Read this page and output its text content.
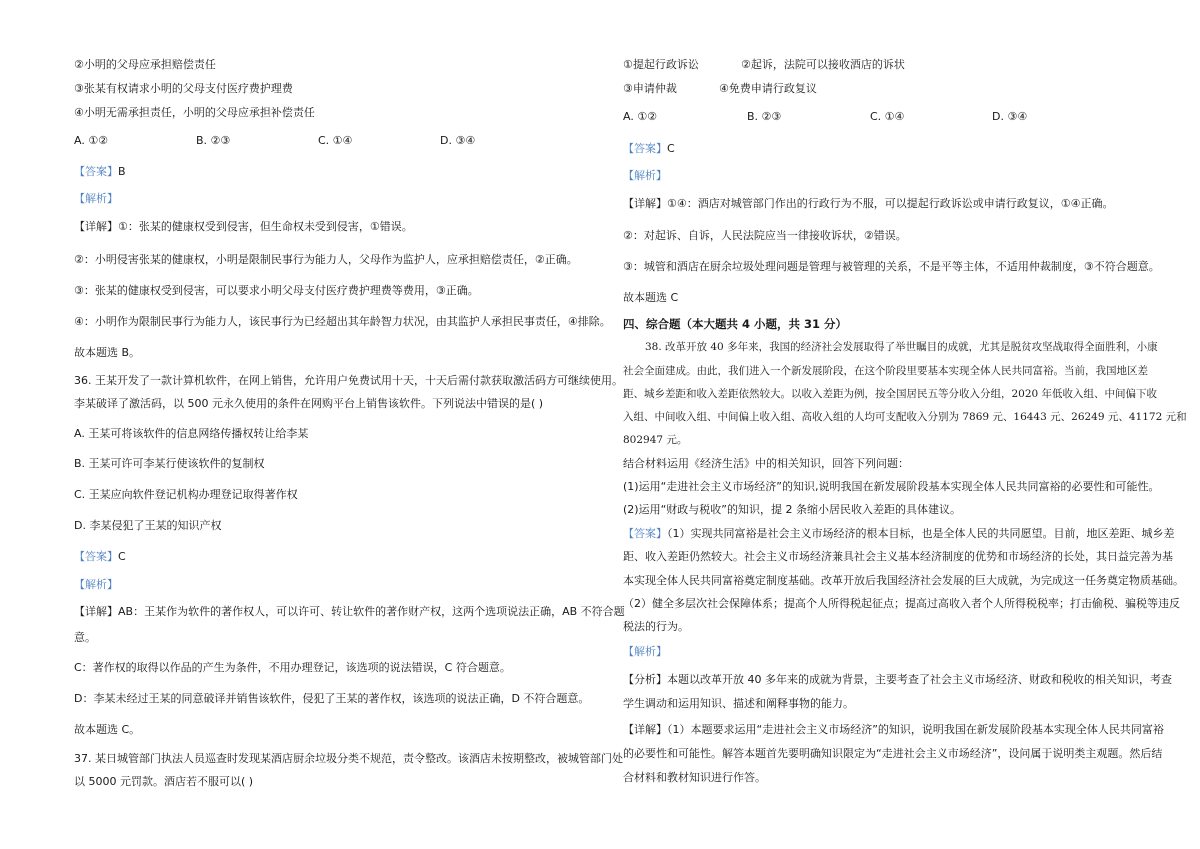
②小明的父母应承担赔偿责任
③张某有权请求小明的父母支付医疗费护理费
④小明无需承担责任，小明的父母应承担补偿责任
A. ①②	B. ②③	C. ①④	D. ③④
【答案】B
【解析】
【详解】①：张某的健康权受到侵害，但生命权未受到侵害，①错误。
②：小明侵害张某的健康权，小明是限制民事行为能力人，父母作为监护人，应承担赔偿责任，②正确。
③：张某的健康权受到侵害，可以要求小明父母支付医疗费护理费等费用，③正确。
④：小明作为限制民事行为能力人，该民事行为已经超出其年龄智力状况，由其监护人承担民事责任，④排除。
故本题选 B。
36. 王某开发了一款计算机软件，在网上销售，允许用户免费试用十天，十天后需付款获取激活码方可继续使用。
李某破译了激活码，以 500 元永久使用的条件在网购平台上销售该软件。下列说法中错误的是( )
A. 王某可将该软件的信息网络传播权转让给李某
B. 王某可许可李某行使该软件的复制权
C. 王某应向软件登记机构办理登记取得著作权
D. 李某侵犯了王某的知识产权
【答案】C
【解析】
【详解】AB：王某作为软件的著作权人，可以许可、转让软件的著作财产权，这两个选项说法正确，AB 不符合题
意。
C：著作权的取得以作品的产生为条件，不用办理登记，该选项的说法错误，C 符合题意。
D：李某未经过王某的同意破译并销售该软件，侵犯了王某的著作权，该选项的说法正确，D 不符合题意。
故本题选 C。
37. 某日城管部门执法人员巡查时发现某酒店厨余垃圾分类不规范，责令整改。该酒店未按期整改，被城管部门处
以 5000 元罚款。酒店若不服可以( )
①提起行政诉讼	②起诉，法院可以接收酒店的诉状
③申请仲裁	④免费申请行政复议
A. ①②	B. ②③	C. ①④	D. ③④
【答案】C
【解析】
【详解】①④：酒店对城管部门作出的行政行为不服，可以提起行政诉讼或申请行政复议，①④正确。
②：对起诉、自诉，人民法院应当一律接收诉状，②错误。
③：城管和酒店在厨余垃圾处理问题是管理与被管理的关系，不是平等主体，不适用仲裁制度，③不符合题意。
故本题选 C
四、综合题（本大题共 4 小题，共 31 分）
38. 改革开放 40 多年来，我国的经济社会发展取得了举世瞩目的成就，尤其是脱贫攻坚战取得全面胜利，小康
社会全面建成。由此，我们进入一个新发展阶段，在这个阶段里要基本实现全体人民共同富裕。当前，我国地区差
距、城乡差距和收入差距依然较大。以收入差距为例，按全国居民五等分收入分组，2020 年低收入组、中间偏下收
入组、中间收入组、中间偏上收入组、高收入组的人均可支配收入分别为 7869 元、16443 元、26249 元、41172 元和
802947 元。
结合材料运用《经济生活》中的相关知识，回答下列问题：
(1)运用“走进社会主义市场经济”的知识,说明我国在新发展阶段基本实现全体人民共同富裕的必要性和可能性。
(2)运用“财政与税收”的知识，提 2 条缩小居民收入差距的具体建议。
【答案】（1）实现共同富裕是社会主义市场经济的根本目标，也是全体人民的共同愿望。目前，地区差距、城乡差
距、收入差距仍然较大。社会主义市场经济兼具社会主义基本经济制度的优势和市场经济的长处，其日益完善为基
本实现全体人民共同富裕奠定制度基础。改革开放后我国经济社会发展的巨大成就，为完成这一任务奠定物质基础。
（2）健全多层次社会保障体系；提高个人所得税起征点；提高过高收入者个人所得税税率；打击偷税、骗税等违反
税法的行为。
【解析】
【分析】本题以改革开放 40 多年来的成就为背景，主要考查了社会主义市场经济、财政和税收的相关知识，考查
学生调动和运用知识、描述和阐释事物的能力。
【详解】（1）本题要求运用“走进社会主义市场经济”的知识，说明我国在新发展阶段基本实现全体人民共同富裕
的必要性和可能性。解答本题首先要明确知识限定为“走进社会主义市场经济”，设问属于说明类主观题。然后结
合材料和教材知识进行作答。
